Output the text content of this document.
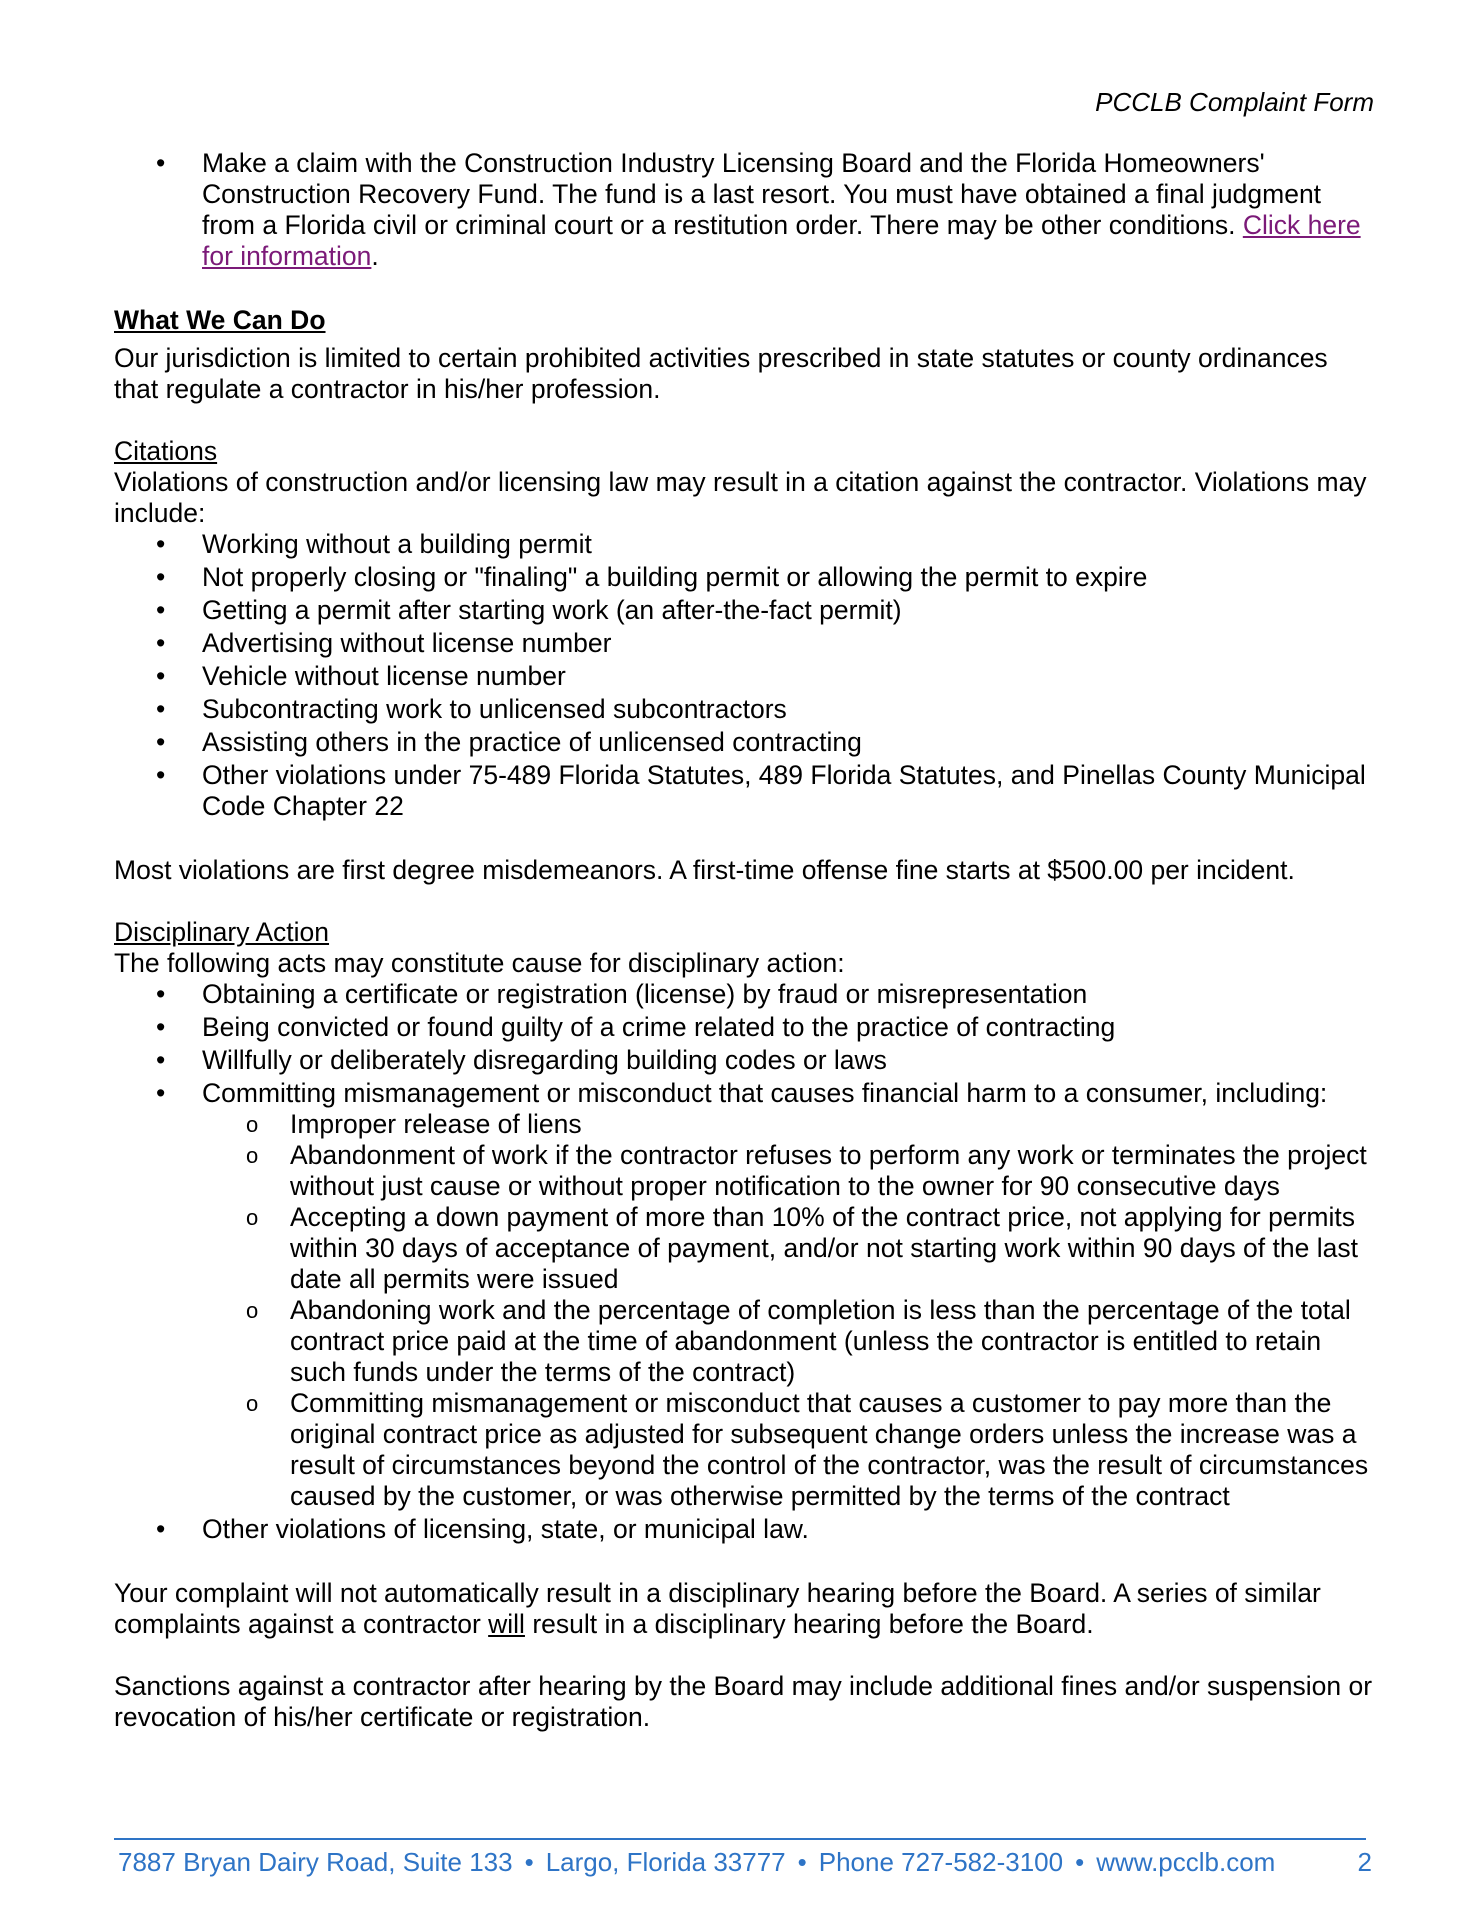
PCCLB Complaint Form
• Make a claim with the Construction Industry Licensing Board and the Florida Homeowners' Construction Recovery Fund. The fund is a last resort. You must have obtained a final judgment from a Florida civil or criminal court or a restitution order. There may be other conditions. Click here for information.

What We Can Do

Our jurisdiction is limited to certain prohibited activities prescribed in state statutes or county ordinances that regulate a contractor in his/her profession.

Citations

Violations of construction and/or licensing law may result in a citation against the contractor. Violations may include:

• Working without a building permit
• Not properly closing or "finaling" a building permit or allowing the permit to expire
• Getting a permit after starting work (an after-the-fact permit)
• Advertising without license number
• Vehicle without license number
• Subcontracting work to unlicensed subcontractors
• Assisting others in the practice of unlicensed contracting
• Other violations under 75-489 Florida Statutes, 489 Florida Statutes, and Pinellas County Municipal Code Chapter 22

Most violations are first degree misdemeanors. A first-time offense fine starts at $500.00 per incident.

Disciplinary Action

The following acts may constitute cause for disciplinary action:

• Obtaining a certificate or registration (license) by fraud or misrepresentation
• Being convicted or found guilty of a crime related to the practice of contracting
• Willfully or deliberately disregarding building codes or laws
• Committing mismanagement or misconduct that causes financial harm to a consumer, including:
o Improper release of liens
o Abandonment of work if the contractor refuses to perform any work or terminates the project without just cause or without proper notification to the owner for 90 consecutive days
o Accepting a down payment of more than 10% of the contract price, not applying for permits within 30 days of acceptance of payment, and/or not starting work within 90 days of the last date all permits were issued
o Abandoning work and the percentage of completion is less than the percentage of the total contract price paid at the time of abandonment (unless the contractor is entitled to retain such funds under the terms of the contract)
o Committing mismanagement or misconduct that causes a customer to pay more than the original contract price as adjusted for subsequent change orders unless the increase was a result of circumstances beyond the control of the contractor, was the result of circumstances caused by the customer, or was otherwise permitted by the terms of the contract
• Other violations of licensing, state, or municipal law.

Your complaint will not automatically result in a disciplinary hearing before the Board. A series of similar complaints against a contractor will result in a disciplinary hearing before the Board.

Sanctions against a contractor after hearing by the Board may include additional fines and/or suspension or revocation of his/her certificate or registration.

7887 Bryan Dairy Road, Suite 133 • Largo, Florida 33777 • Phone 727-582-3100 • www.pcclb.com	2
